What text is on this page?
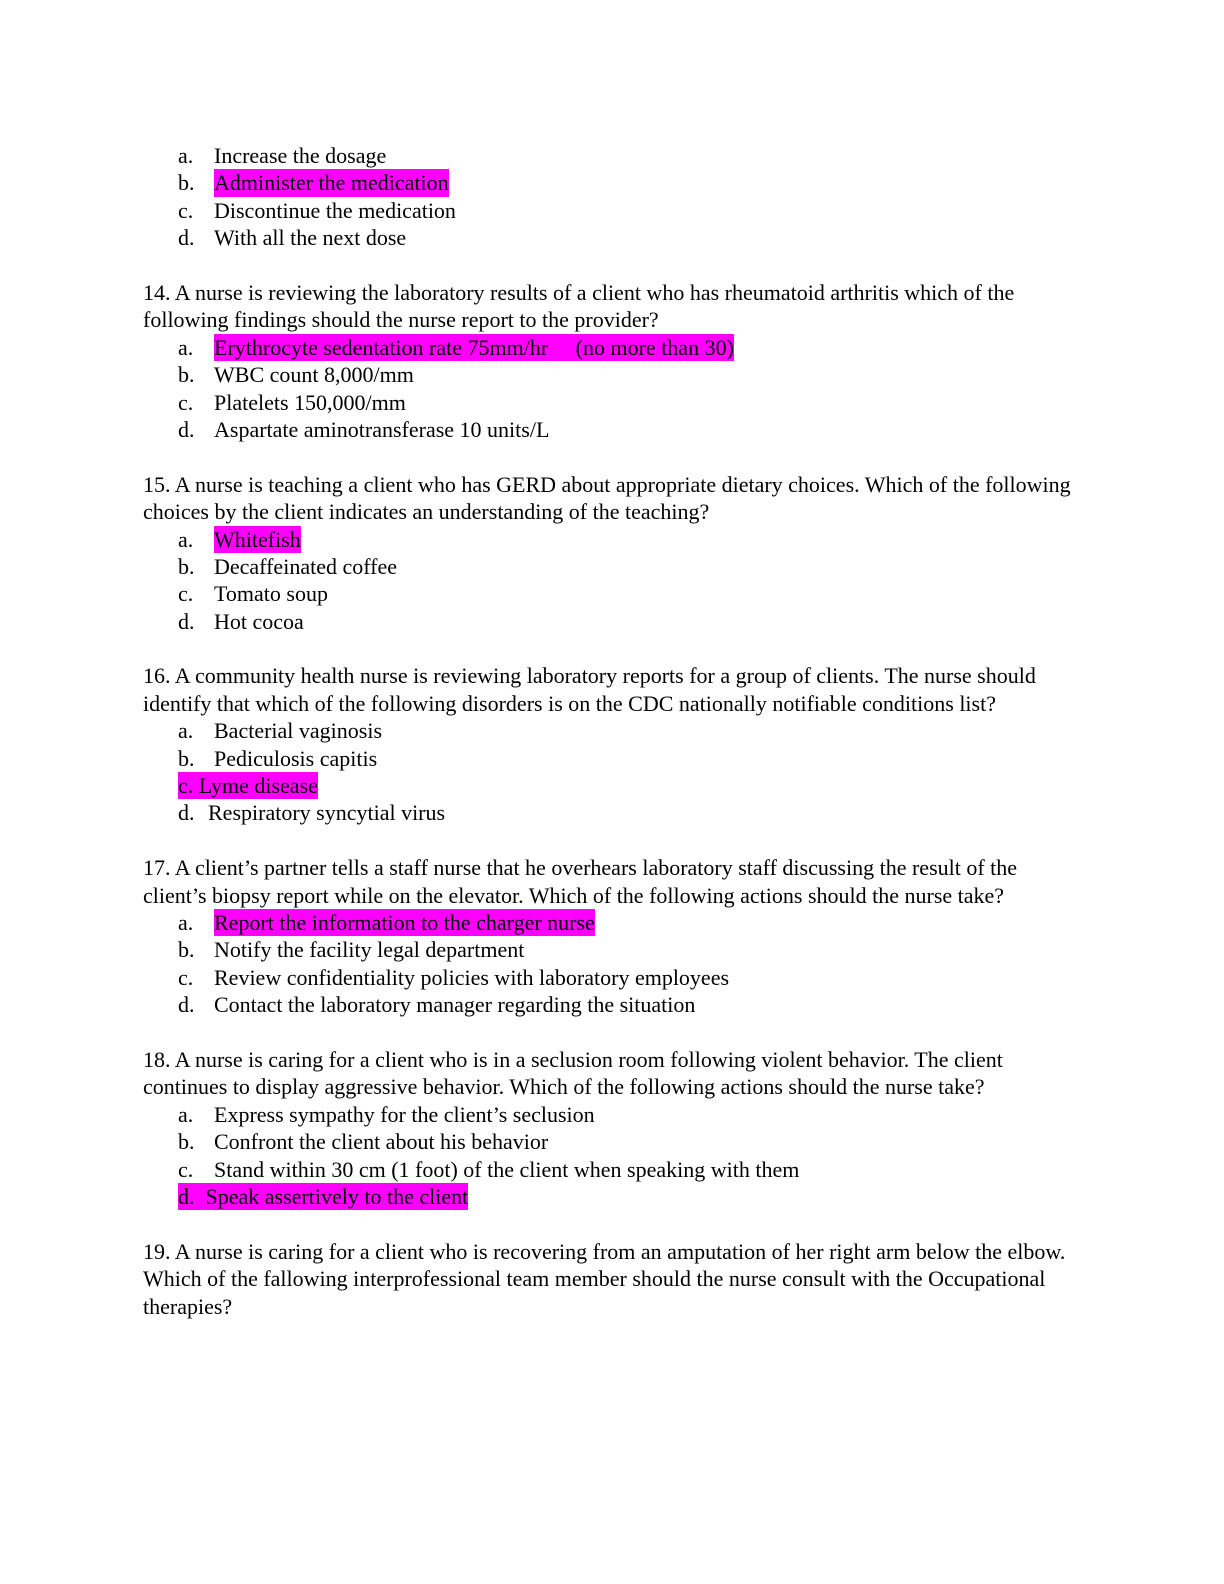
a. Increase the dosage
b. Administer the medication
c. Discontinue the medication
d. With all the next dose

14. A nurse is reviewing the laboratory results of a client who has rheumatoid arthritis which of the following findings should the nurse report to the provider?

a. Erythrocyte sedentation rate 75mm/hr     (no more than 30)
b. WBC count 8,000/mm
c. Platelets 150,000/mm
d. Aspartate aminotransferase 10 units/L

15. A nurse is teaching a client who has GERD about appropriate dietary choices. Which of the following choices by the client indicates an understanding of the teaching?

a. Whitefish
b. Decaffeinated coffee
c. Tomato soup
d. Hot cocoa

16. A community health nurse is reviewing laboratory reports for a group of clients. The nurse should identify that which of the following disorders is on the CDC nationally notifiable conditions list?

a. Bacterial vaginosis
b. Pediculosis capitis
c. Lyme disease
d. Respiratory syncytial virus

17. A client’s partner tells a staff nurse that he overhears laboratory staff discussing the result of the client’s biopsy report while on the elevator. Which of the following actions should the nurse take?

a. Report the information to the charger nurse
b. Notify the facility legal department
c. Review confidentiality policies with laboratory employees
d. Contact the laboratory manager regarding the situation

18. A nurse is caring for a client who is in a seclusion room following violent behavior. The client continues to display aggressive behavior. Which of the following actions should the nurse take?

a. Express sympathy for the client’s seclusion
b. Confront the client about his behavior
c. Stand within 30 cm (1 foot) of the client when speaking with them
d. Speak assertively to the client

19. A nurse is caring for a client who is recovering from an amputation of her right arm below the elbow.  Which of the fallowing interprofessional team member should the nurse consult with the Occupational therapies?
